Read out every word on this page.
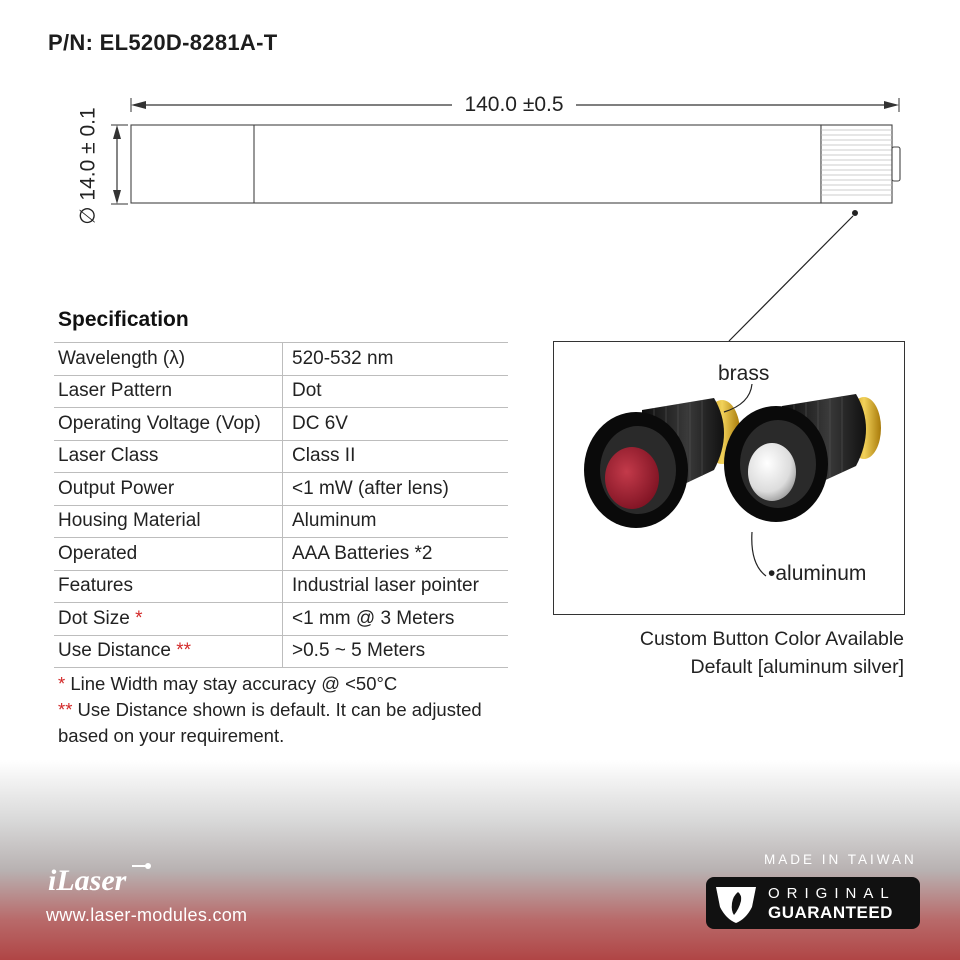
P/N: EL520D-8281A-T
140.0 ±0.5
∅ 14.0 ± 0.1
Specification
Wavelength (λ)	520-532 nm
Laser Pattern	Dot
Operating Voltage (Vop)	DC 6V
Laser Class	Class II
Output Power	<1 mW (after lens)
Housing Material	Aluminum
Operated	AAA Batteries *2
Features	Industrial laser pointer
Dot Size *	<1 mm @ 3 Meters
Use Distance **	>0.5 ~ 5 Meters
* Line Width may stay accuracy @ <50°C
** Use Distance shown is default. It can be adjusted based on your requirement.
brass
•aluminum
Custom Button Color Available
Default [aluminum silver]
iLaser
www.laser-modules.com
MADE IN TAIWAN
ORIGINAL
GUARANTEED
